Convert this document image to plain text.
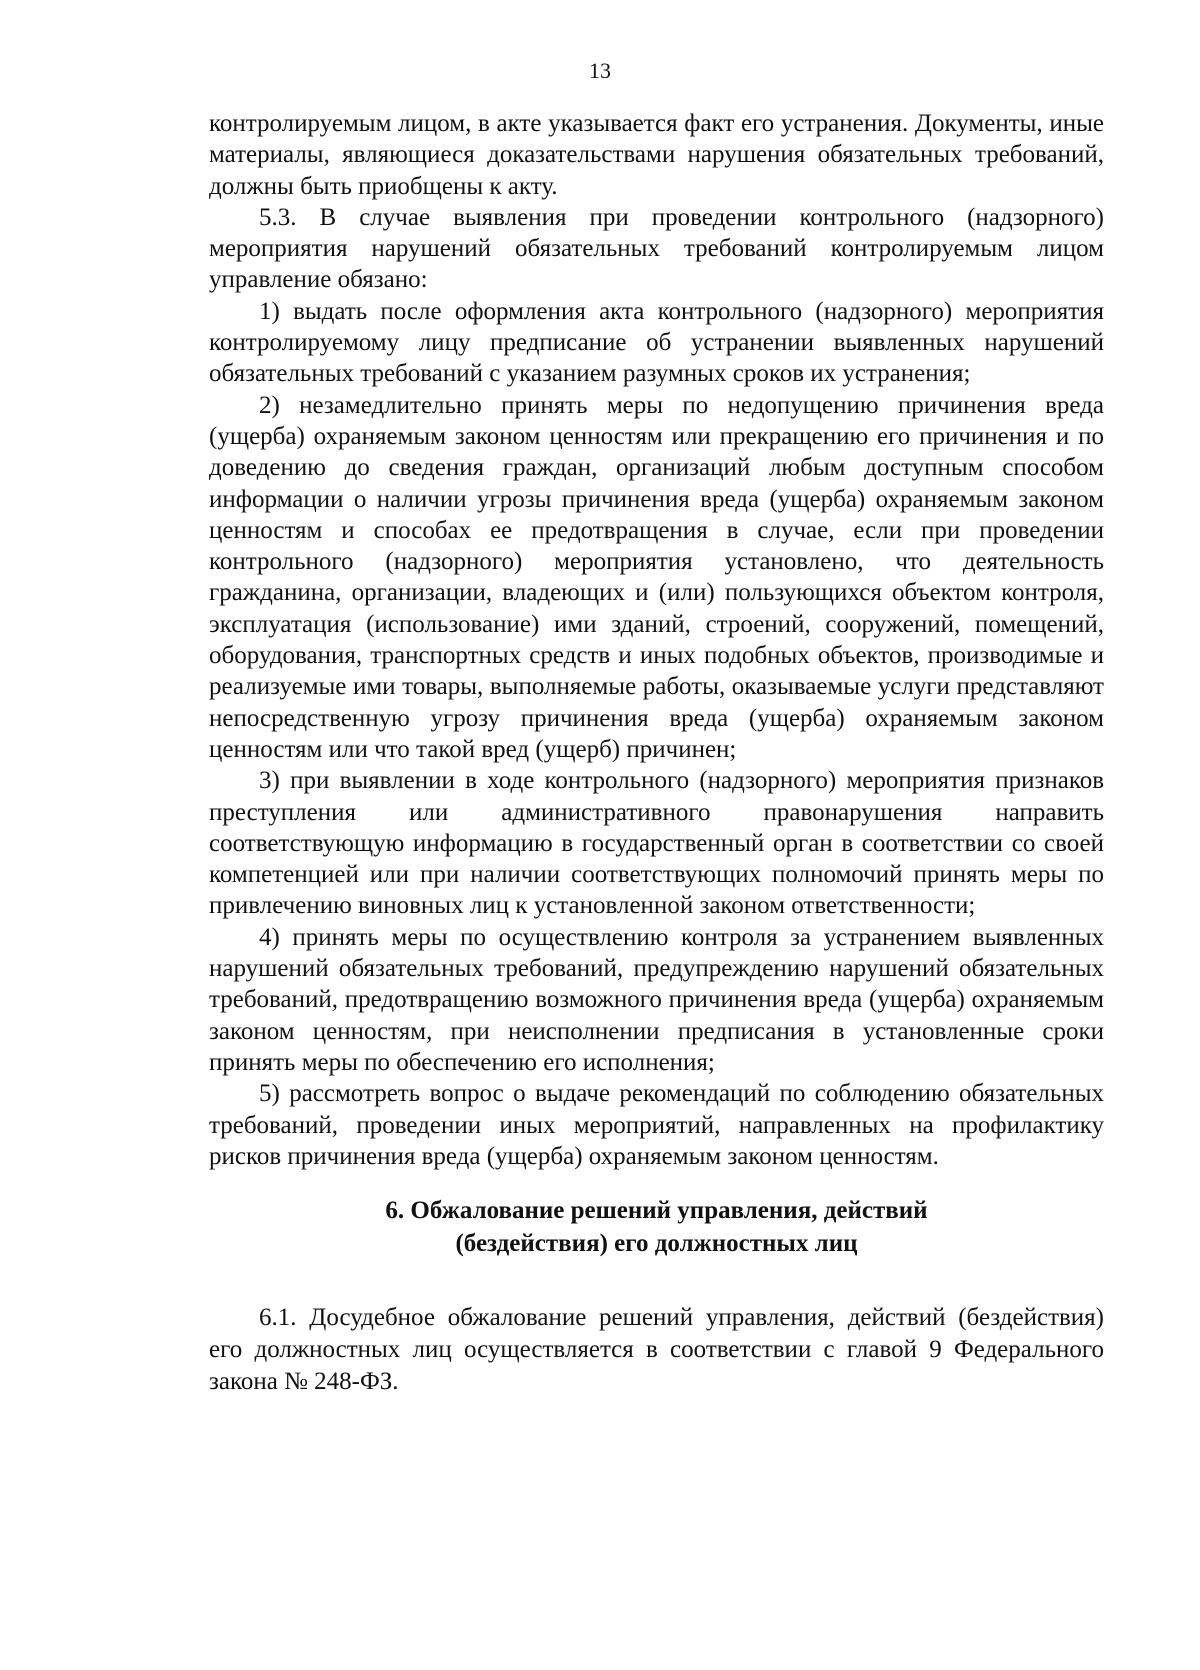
13

контролируемым лицом, в акте указывается факт его устранения. Документы, иные материалы, являющиеся доказательствами нарушения обязательных требований, должны быть приобщены к акту.

5.3. В случае выявления при проведении контрольного (надзорного) мероприятия нарушений обязательных требований контролируемым лицом управление обязано:

1) выдать после оформления акта контрольного (надзорного) мероприятия контролируемому лицу предписание об устранении выявленных нарушений обязательных требований с указанием разумных сроков их устранения;

2) незамедлительно принять меры по недопущению причинения вреда (ущерба) охраняемым законом ценностям или прекращению его причинения и по доведению до сведения граждан, организаций любым доступным способом информации о наличии угрозы причинения вреда (ущерба) охраняемым законом ценностям и способах ее предотвращения в случае, если при проведении контрольного (надзорного) мероприятия установлено, что деятельность гражданина, организации, владеющих и (или) пользующихся объектом контроля, эксплуатация (использование) ими зданий, строений, сооружений, помещений, оборудования, транспортных средств и иных подобных объектов, производимые и реализуемые ими товары, выполняемые работы, оказываемые услуги представляют непосредственную угрозу причинения вреда (ущерба) охраняемым законом ценностям или что такой вред (ущерб) причинен;

3) при выявлении в ходе контрольного (надзорного) мероприятия признаков преступления или административного правонарушения направить соответствующую информацию в государственный орган в соответствии со своей компетенцией или при наличии соответствующих полномочий принять меры по привлечению виновных лиц к установленной законом ответственности;

4) принять меры по осуществлению контроля за устранением выявленных нарушений обязательных требований, предупреждению нарушений обязательных требований, предотвращению возможного причинения вреда (ущерба) охраняемым законом ценностям, при неисполнении предписания в установленные сроки принять меры по обеспечению его исполнения;

5) рассмотреть вопрос о выдаче рекомендаций по соблюдению обязательных требований, проведении иных мероприятий, направленных на профилактику рисков причинения вреда (ущерба) охраняемым законом ценностям.

6. Обжалование решений управления, действий
(бездействия) его должностных лиц

6.1. Досудебное обжалование решений управления, действий (бездействия) его должностных лиц осуществляется в соответствии с главой 9 Федерального закона № 248-ФЗ.
